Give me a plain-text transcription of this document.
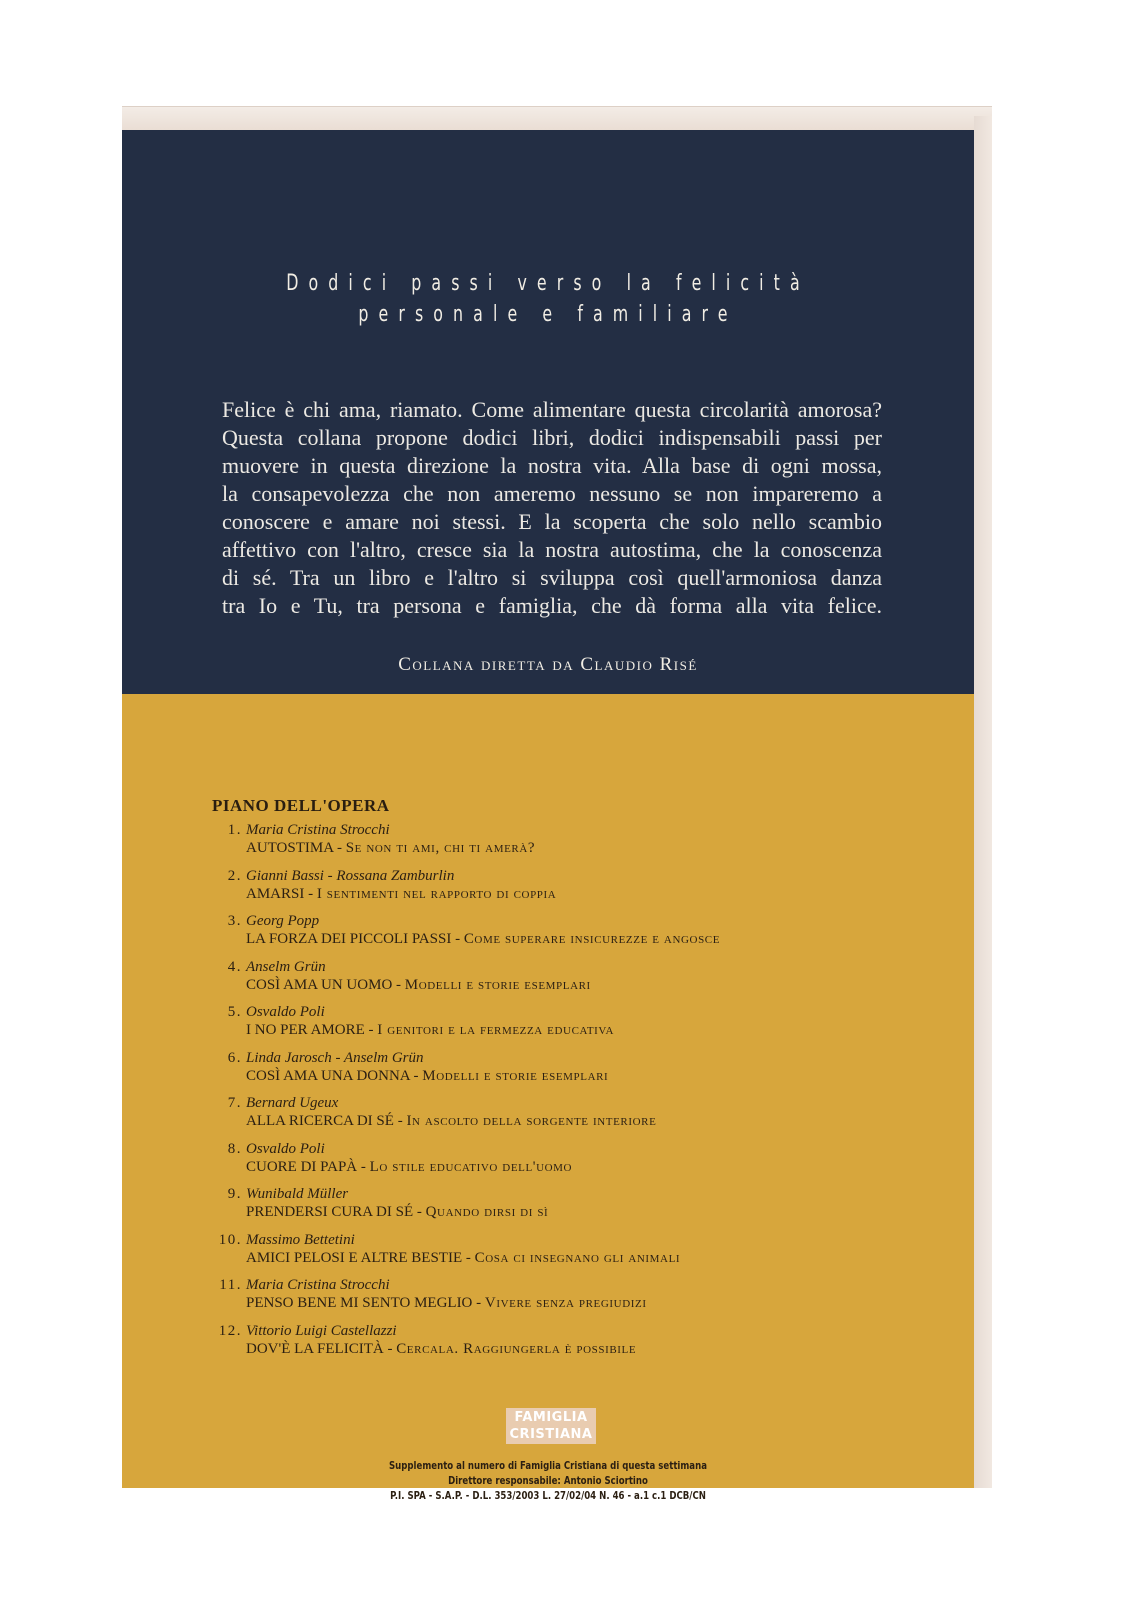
Dodici passi verso la felicità
personale e familiare
Felice è chi ama, riamato. Come alimentare questa circolarità amorosa?
Questa collana propone dodici libri, dodici indispensabili passi per
muovere in questa direzione la nostra vita. Alla base di ogni mossa,
la consapevolezza che non ameremo nessuno se non impareremo a
conoscere e amare noi stessi. E la scoperta che solo nello scambio
affettivo con l'altro, cresce sia la nostra autostima, che la conoscenza
di sé. Tra un libro e l'altro si sviluppa così quell'armoniosa danza
tra Io e Tu, tra persona e famiglia, che dà forma alla vita felice.
Collana diretta da Claudio Risé
PIANO DELL'OPERA
1. Maria Cristina Strocchi
AUTOSTIMA - Se non ti ami, chi ti amerà?
2. Gianni Bassi - Rossana Zamburlin
AMARSI - I sentimenti nel rapporto di coppia
3. Georg Popp
LA FORZA DEI PICCOLI PASSI - Come superare insicurezze e angosce
4. Anselm Grün
COSÌ AMA UN UOMO - Modelli e storie esemplari
5. Osvaldo Poli
I NO PER AMORE - I genitori e la fermezza educativa
6. Linda Jarosch - Anselm Grün
COSÌ AMA UNA DONNA - Modelli e storie esemplari
7. Bernard Ugeux
ALLA RICERCA DI SÉ - In ascolto della sorgente interiore
8. Osvaldo Poli
CUORE DI PAPÀ - Lo stile educativo dell'uomo
9. Wunibald Müller
PRENDERSI CURA DI SÉ - Quando dirsi di sì
10. Massimo Bettetini
AMICI PELOSI E ALTRE BESTIE - Cosa ci insegnano gli animali
11. Maria Cristina Strocchi
PENSO BENE MI SENTO MEGLIO - Vivere senza pregiudizi
12. Vittorio Luigi Castellazzi
DOV'È LA FELICITÀ - Cercala. Raggiungerla è possibile
FAMIGLIA
CRISTIANA
Supplemento al numero di Famiglia Cristiana di questa settimana
Direttore responsabile: Antonio Sciortino
P.I. SPA - S.A.P. - D.L. 353/2003 L. 27/02/04 N. 46 - a.1 c.1 DCB/CN
